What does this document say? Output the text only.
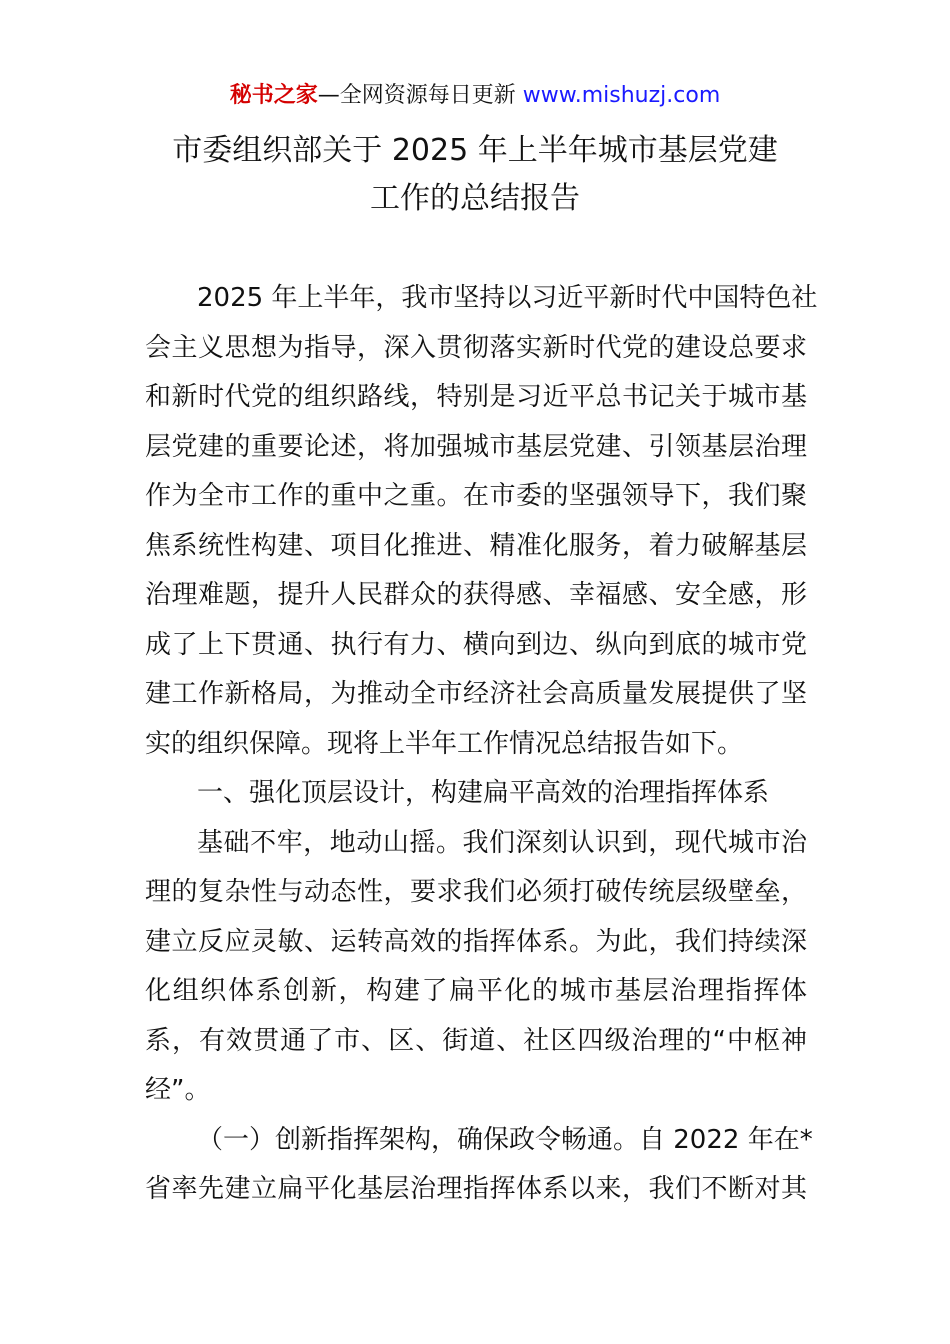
秘书之家—全网资源每日更新 www.mishuzj.com
市委组织部关于 2025 年上半年城市基层党建
工作的总结报告
2025 年上半年，我市坚持以习近平新时代中国特色社
会主义思想为指导，深入贯彻落实新时代党的建设总要求
和新时代党的组织路线，特别是习近平总书记关于城市基
层党建的重要论述，将加强城市基层党建、引领基层治理
作为全市工作的重中之重。在市委的坚强领导下，我们聚
焦系统性构建、项目化推进、精准化服务，着力破解基层
治理难题，提升人民群众的获得感、幸福感、安全感，形
成了上下贯通、执行有力、横向到边、纵向到底的城市党
建工作新格局，为推动全市经济社会高质量发展提供了坚
实的组织保障。现将上半年工作情况总结报告如下。
一、强化顶层设计，构建扁平高效的治理指挥体系
基础不牢，地动山摇。我们深刻认识到，现代城市治
理的复杂性与动态性，要求我们必须打破传统层级壁垒，
建立反应灵敏、运转高效的指挥体系。为此，我们持续深
化组织体系创新，构建了扁平化的城市基层治理指挥体
系，有效贯通了市、区、街道、社区四级治理的“中枢神
经”。
（一）创新指挥架构，确保政令畅通。自 2022 年在*
省率先建立扁平化基层治理指挥体系以来，我们不断对其
